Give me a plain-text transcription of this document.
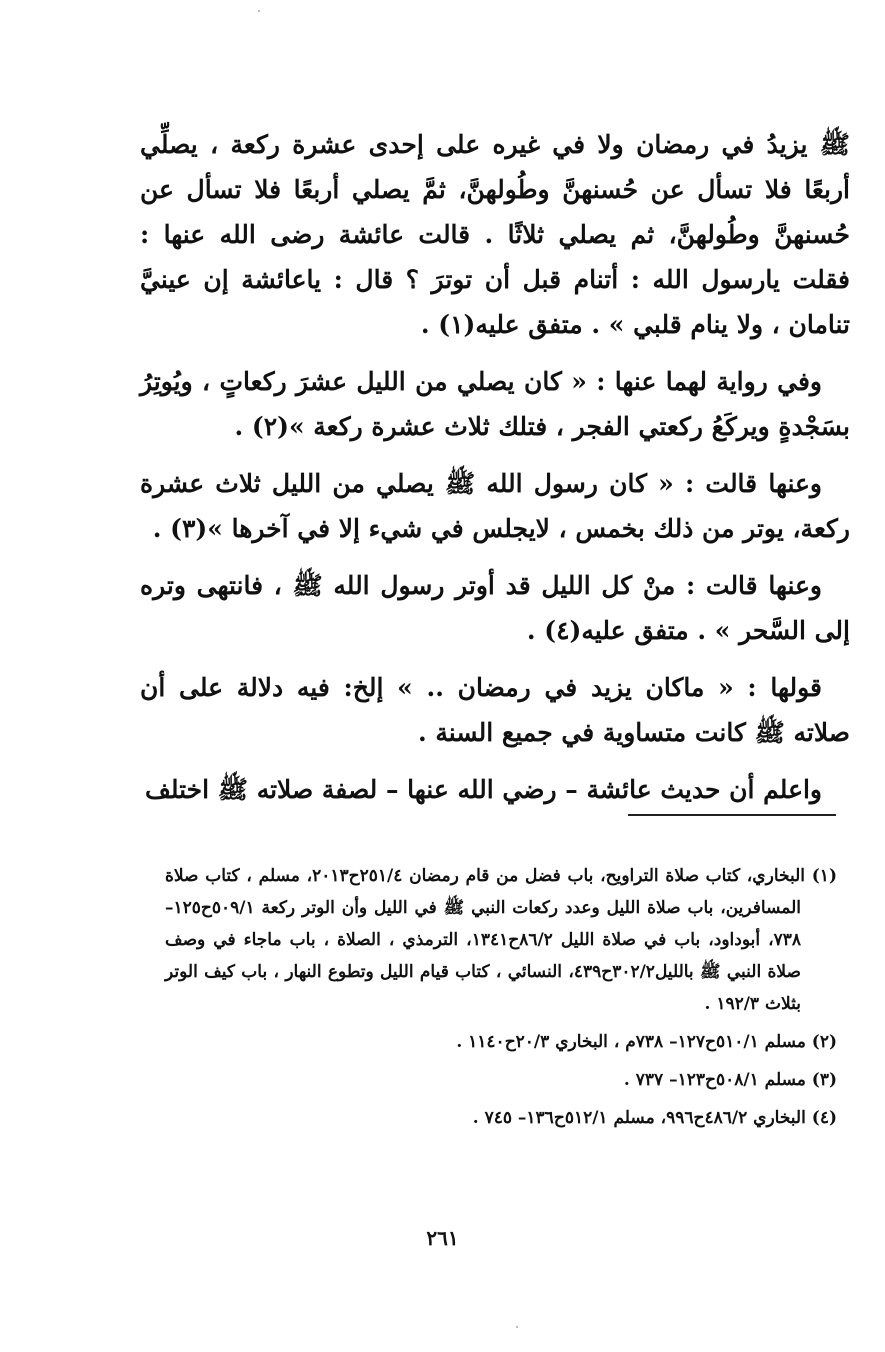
ﷺ يزيدُ في رمضان ولا في غيره على إحدى عشرة ركعة ، يصلِّي أربعًا فلا تسأل عن حُسنهنَّ وطُولهنَّ، ثمَّ يصلي أربعًا فلا تسأل عن حُسنهنَّ وطُولهنَّ، ثم يصلي ثلاثًا . قالت عائشة رضى الله عنها : فقلت يارسول الله : أتنام قبل أن توترَ ؟ قال : ياعائشة إن عينيَّ تنامان ، ولا ينام قلبي » . متفق عليه(١) .

وفي رواية لهما عنها : « كان يصلي من الليل عشرَ ركعاتٍ ، ويُوتِرُ بسَجْدةٍ ويركَعُ ركعتي الفجر ، فتلك ثلاث عشرة ركعة »(٢) .

وعنها قالت : « كان رسول الله ﷺ يصلي من الليل ثلاث عشرة ركعة، يوتر من ذلك بخمس ، لايجلس في شيء إلا في آخرها »(٣) .

وعنها قالت : منْ كل الليل قد أوتر رسول الله ﷺ ، فانتهى وتره إلى السَّحر » . متفق عليه(٤) .

قولها : « ماكان يزيد في رمضان .. » إلخ: فيه دلالة على أن صلاته ﷺ كانت متساوية في جميع السنة .

واعلم أن حديث عائشة – رضي الله عنها – لصفة صلاته ﷺ اختلف

(١) البخاري، كتاب صلاة التراويح، باب فضل من قام رمضان ٢٥١/٤ح٢٠١٣، مسلم ، كتاب صلاة المسافرين، باب صلاة الليل وعدد ركعات النبي ﷺ في الليل وأن الوتر ركعة ٥٠٩/١ح١٢٥– ٧٣٨، أبوداود، باب في صلاة الليل ٨٦/٢ح١٣٤١، الترمذي ، الصلاة ، باب ماجاء في وصف صلاة النبي ﷺ بالليل٣٠٢/٢ح٤٣٩، النسائي ، كتاب قيام الليل وتطوع النهار ، باب كيف الوتر بثلاث ١٩٢/٣ .

(٢) مسلم ٥١٠/١ح١٢٧– ٧٣٨م ، البخاري ٢٠/٣ح١١٤٠ .

(٣) مسلم ٥٠٨/١ح١٢٣– ٧٣٧ .

(٤) البخاري ٤٨٦/٢ح٩٩٦، مسلم ٥١٢/١ح١٣٦– ٧٤٥ .

٢٦١
